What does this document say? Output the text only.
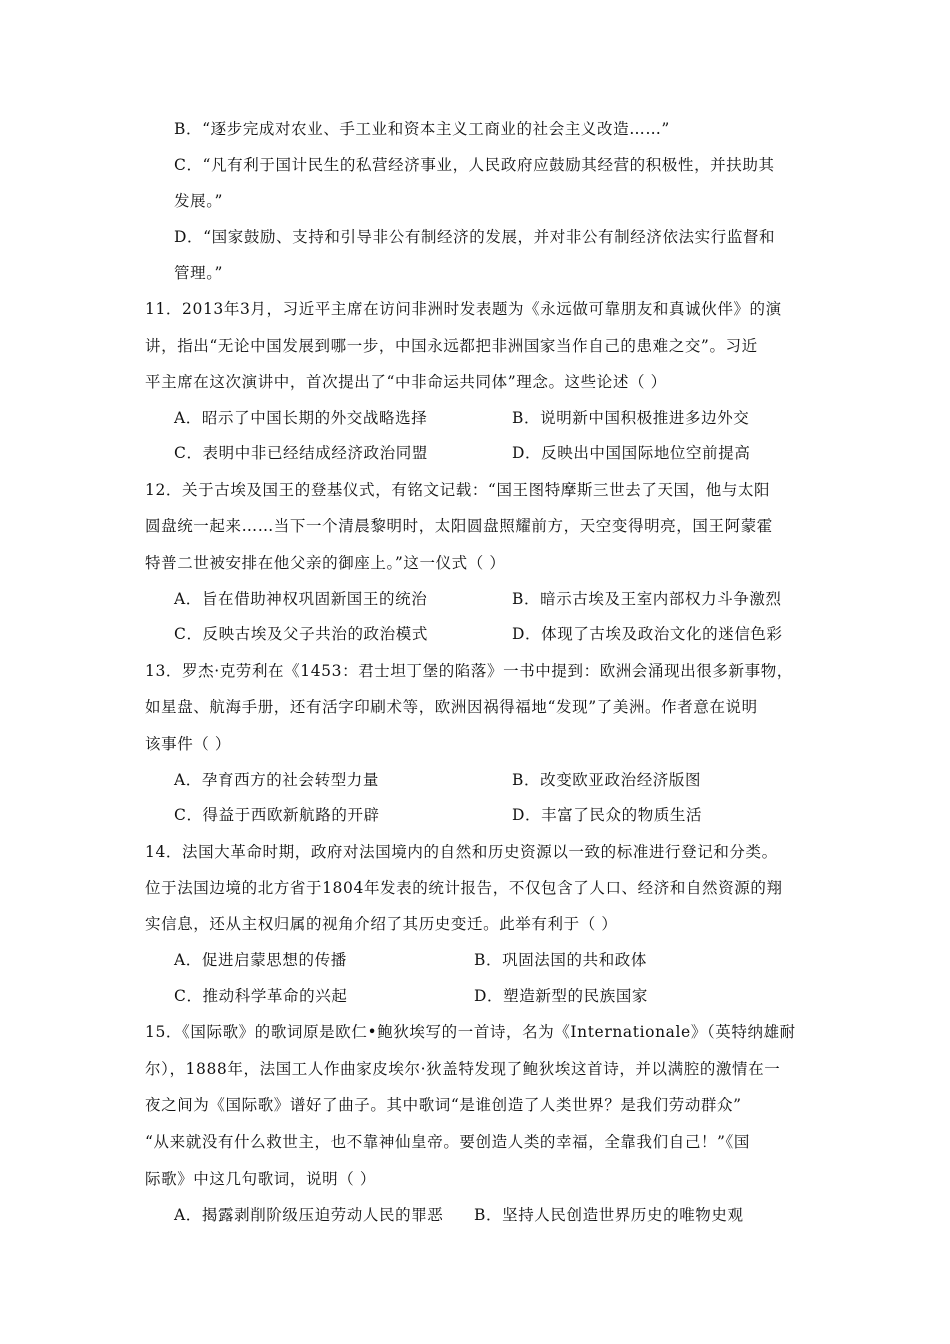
B．“逐步完成对农业、手工业和资本主义工商业的社会主义改造……”
C．“凡有利于国计民生的私营经济事业，人民政府应鼓励其经营的积极性，并扶助其
发展。”
D．“国家鼓励、支持和引导非公有制经济的发展，并对非公有制经济依法实行监督和
管理。”
11．2013年3月，习近平主席在访问非洲时发表题为《永远做可靠朋友和真诚伙伴》的演
讲，指出“无论中国发展到哪一步，中国永远都把非洲国家当作自己的患难之交”。习近
平主席在这次演讲中，首次提出了“中非命运共同体”理念。这些论述（ ）
A．昭示了中国长期的外交战略选择	B．说明新中国积极推进多边外交
C．表明中非已经结成经济政治同盟	D．反映出中国国际地位空前提高
12．关于古埃及国王的登基仪式，有铭文记载：“国王图特摩斯三世去了天国，他与太阳
圆盘统一起来……当下一个清晨黎明时，太阳圆盘照耀前方，天空变得明亮，国王阿蒙霍
特普二世被安排在他父亲的御座上。”这一仪式（ ）
A．旨在借助神权巩固新国王的统治	B．暗示古埃及王室内部权力斗争激烈
C．反映古埃及父子共治的政治模式	D．体现了古埃及政治文化的迷信色彩
13．罗杰·克劳利在《1453：君士坦丁堡的陷落》一书中提到：欧洲会涌现出很多新事物，
如星盘、航海手册，还有活字印刷术等，欧洲因祸得福地“发现”了美洲。作者意在说明
该事件（ ）
A．孕育西方的社会转型力量	B．改变欧亚政治经济版图
C．得益于西欧新航路的开辟	D．丰富了民众的物质生活
14．法国大革命时期，政府对法国境内的自然和历史资源以一致的标准进行登记和分类。
位于法国边境的北方省于1804年发表的统计报告，不仅包含了人口、经济和自然资源的翔
实信息，还从主权归属的视角介绍了其历史变迁。此举有利于（ ）
A．促进启蒙思想的传播	B．巩固法国的共和政体
C．推动科学革命的兴起	D．塑造新型的民族国家
15．《国际歌》的歌词原是欧仁•鲍狄埃写的一首诗，名为《Internationale》（英特纳雄耐
尔），1888年，法国工人作曲家皮埃尔·狄盖特发现了鲍狄埃这首诗，并以满腔的激情在一
夜之间为《国际歌》谱好了曲子。其中歌词“是谁创造了人类世界？是我们劳动群众”
“从来就没有什么救世主，也不靠神仙皇帝。要创造人类的幸福，全靠我们自己！”《国
际歌》中这几句歌词，说明（ ）
A．揭露剥削阶级压迫劳动人民的罪恶 B．坚持人民创造世界历史的唯物史观
